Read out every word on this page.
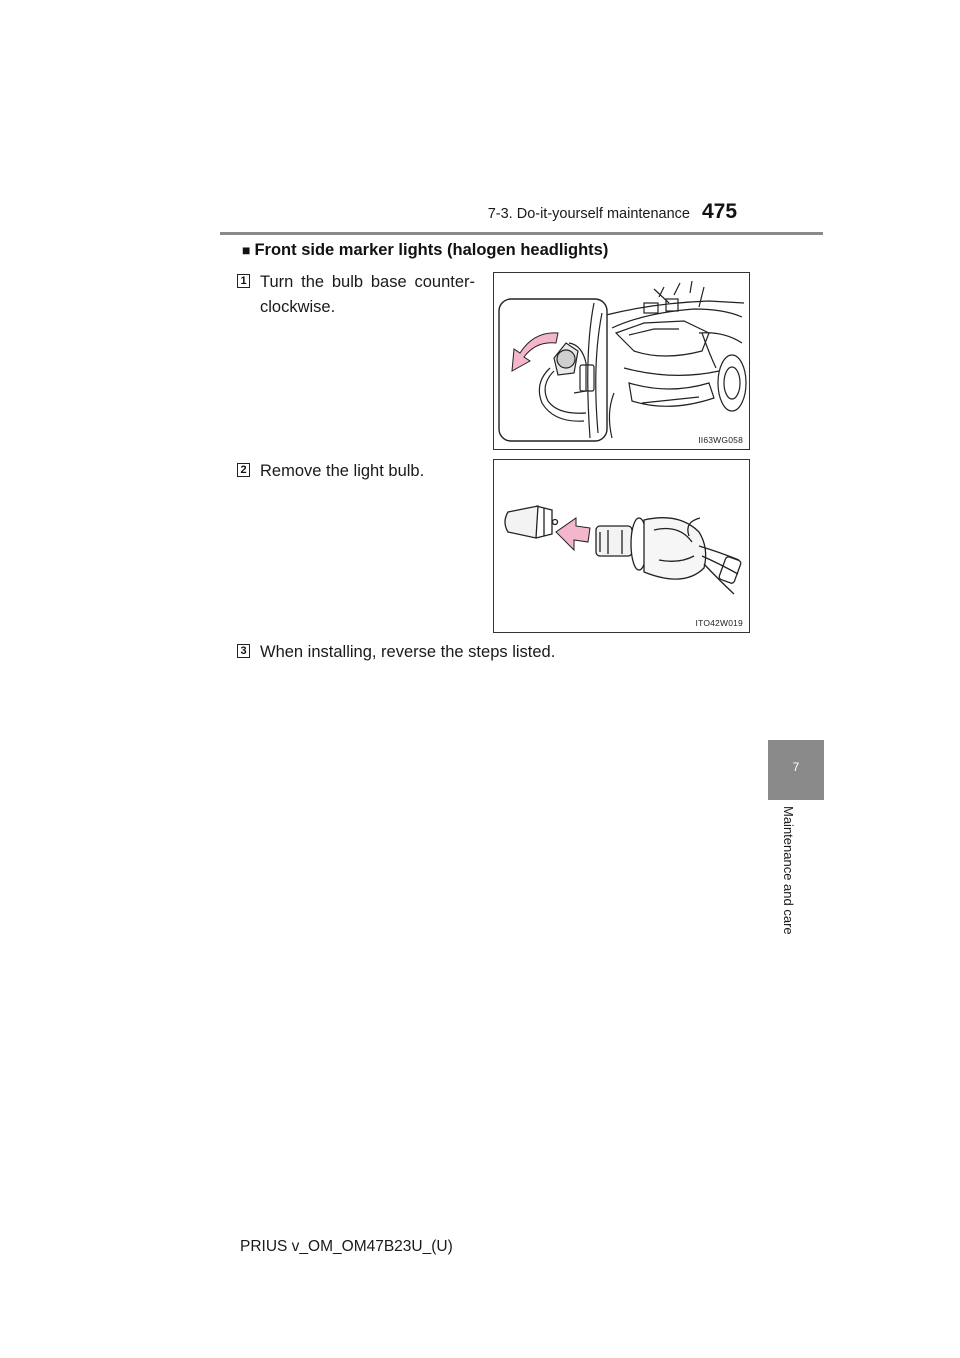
7-3. Do-it-yourself maintenance 475
■ Front side marker lights (halogen headlights)
1 Turn the bulb base counter-clockwise.
II63WG058
2 Remove the light bulb.
ITO42W019
3 When installing, reverse the steps listed.
7
Maintenance and care
PRIUS v_OM_OM47B23U_(U)
